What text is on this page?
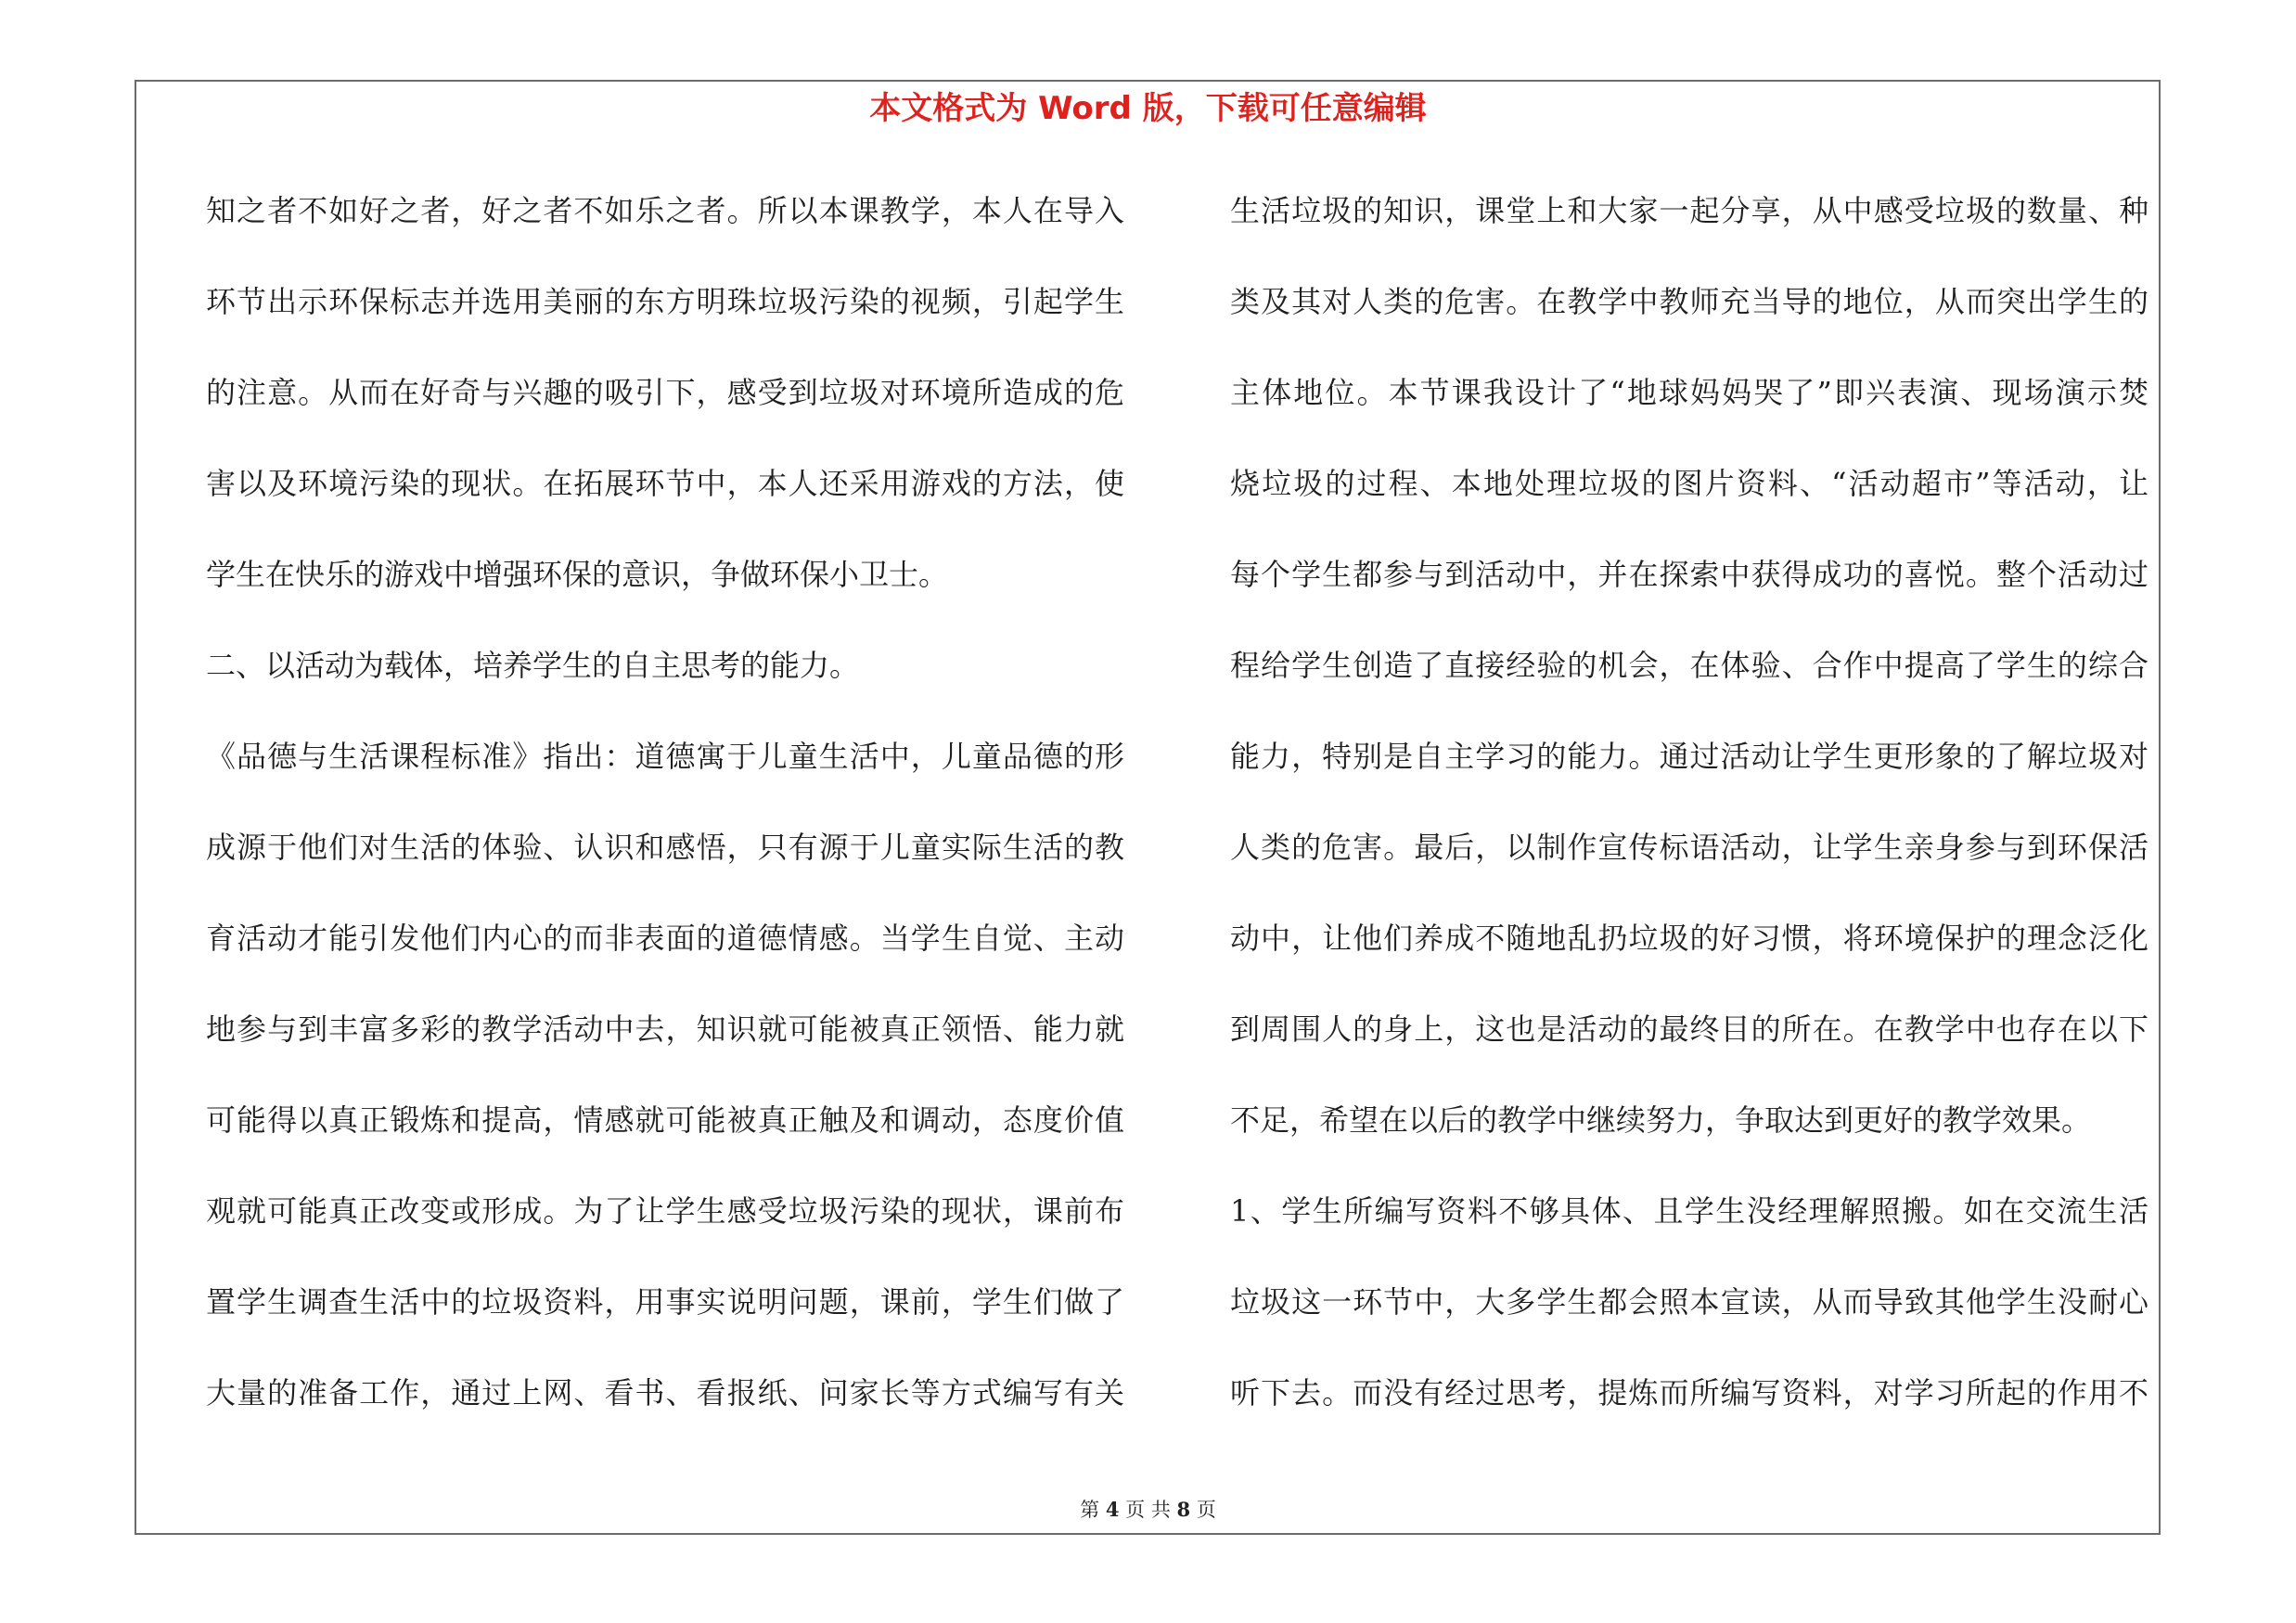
本文格式为 Word 版，下载可任意编辑
知之者不如好之者，好之者不如乐之者。所以本课教学，本人在导入
环节出示环保标志并选用美丽的东方明珠垃圾污染的视频，引起学生
的注意。从而在好奇与兴趣的吸引下，感受到垃圾对环境所造成的危
害以及环境污染的现状。在拓展环节中，本人还采用游戏的方法，使
学生在快乐的游戏中增强环保的意识，争做环保小卫士。
二、以活动为载体，培养学生的自主思考的能力。
《品德与生活课程标准》指出：道德寓于儿童生活中，儿童品德的形
成源于他们对生活的体验、认识和感悟，只有源于儿童实际生活的教
育活动才能引发他们内心的而非表面的道德情感。当学生自觉、主动
地参与到丰富多彩的教学活动中去，知识就可能被真正领悟、能力就
可能得以真正锻炼和提高，情感就可能被真正触及和调动，态度价值
观就可能真正改变或形成。为了让学生感受垃圾污染的现状，课前布
置学生调查生活中的垃圾资料，用事实说明问题，课前，学生们做了
大量的准备工作，通过上网、看书、看报纸、问家长等方式编写有关
生活垃圾的知识，课堂上和大家一起分享，从中感受垃圾的数量、种
类及其对人类的危害。在教学中教师充当导的地位，从而突出学生的
主体地位。本节课我设计了“地球妈妈哭了”即兴表演、现场演示焚
烧垃圾的过程、本地处理垃圾的图片资料、“活动超市”等活动，让
每个学生都参与到活动中，并在探索中获得成功的喜悦。整个活动过
程给学生创造了直接经验的机会，在体验、合作中提高了学生的综合
能力，特别是自主学习的能力。通过活动让学生更形象的了解垃圾对
人类的危害。最后，以制作宣传标语活动，让学生亲身参与到环保活
动中，让他们养成不随地乱扔垃圾的好习惯，将环境保护的理念泛化
到周围人的身上，这也是活动的最终目的所在。在教学中也存在以下
不足，希望在以后的教学中继续努力，争取达到更好的教学效果。
1、学生所编写资料不够具体、且学生没经理解照搬。如在交流生活
垃圾这一环节中，大多学生都会照本宣读，从而导致其他学生没耐心
听下去。而没有经过思考，提炼而所编写资料，对学习所起的作用不
第 4 页 共 8 页
